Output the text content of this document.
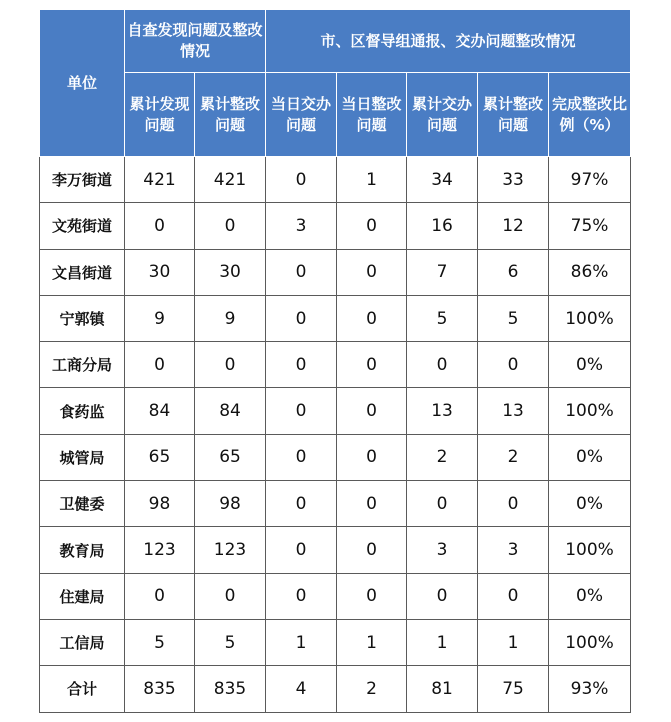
单位	自查发现问题及整改情况		市、区督导组通报、交办问题整改情况				
	累计发现问题	累计整改问题	当日交办问题	当日整改问题	累计交办问题	累计整改问题	完成整改比例（%）
李万街道	421	421	0	1	34	33	97%
文苑街道	0	0	3	0	16	12	75%
文昌街道	30	30	0	0	7	6	86%
宁郭镇	9	9	0	0	5	5	100%
工商分局	0	0	0	0	0	0	0%
食药监	84	84	0	0	13	13	100%
城管局	65	65	0	0	2	2	0%
卫健委	98	98	0	0	0	0	0%
教育局	123	123	0	0	3	3	100%
住建局	0	0	0	0	0	0	0%
工信局	5	5	1	1	1	1	100%
合计	835	835	4	2	81	75	93%
